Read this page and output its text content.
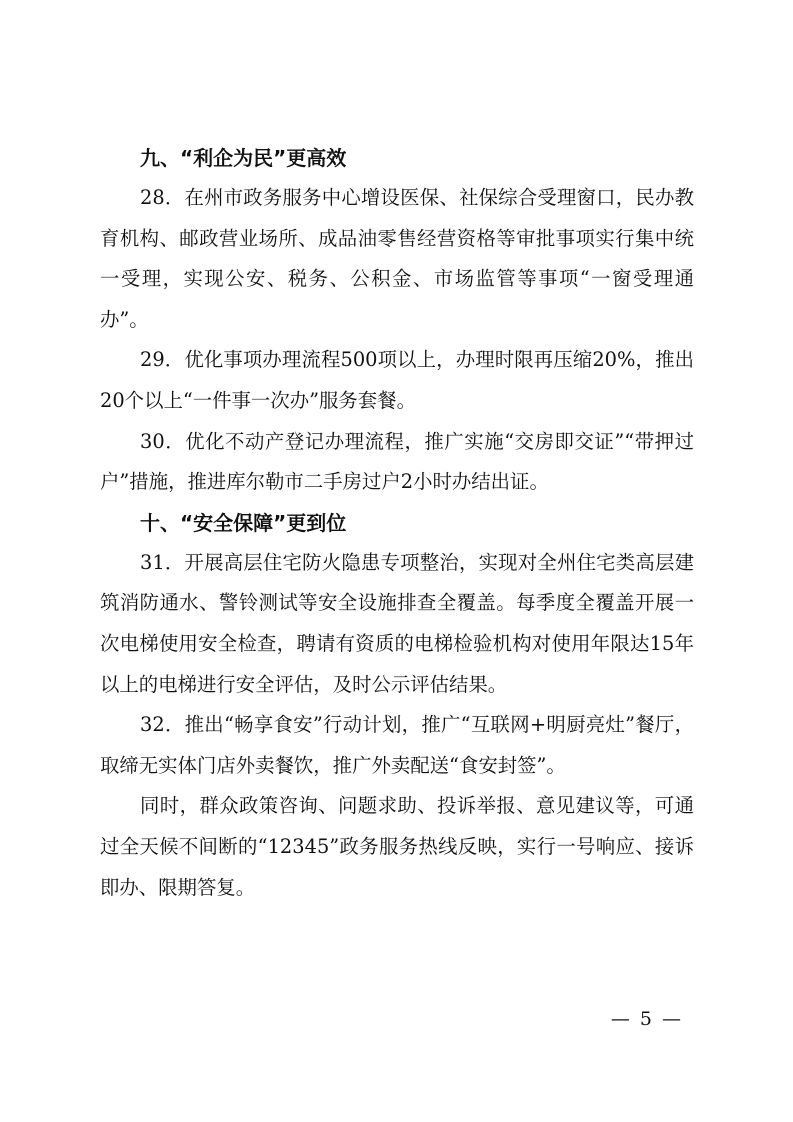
九、“利企为民”更高效

28．在州市政务服务中心增设医保、社保综合受理窗口，民办教育机构、邮政营业场所、成品油零售经营资格等审批事项实行集中统一受理，实现公安、税务、公积金、市场监管等事项“一窗受理通办”。

29．优化事项办理流程500项以上，办理时限再压缩20%，推出20个以上“一件事一次办”服务套餐。

30．优化不动产登记办理流程，推广实施“交房即交证”“带押过户”措施，推进库尔勒市二手房过户2小时办结出证。

十、“安全保障”更到位

31．开展高层住宅防火隐患专项整治，实现对全州住宅类高层建筑消防通水、警铃测试等安全设施排查全覆盖。每季度全覆盖开展一次电梯使用安全检查，聘请有资质的电梯检验机构对使用年限达15年以上的电梯进行安全评估，及时公示评估结果。

32．推出“畅享食安”行动计划，推广“互联网+明厨亮灶”餐厅，取缔无实体门店外卖餐饮，推广外卖配送“食安封签”。

同时，群众政策咨询、问题求助、投诉举报、意见建议等，可通过全天候不间断的“12345”政务服务热线反映，实行一号响应、接诉即办、限期答复。

— 5 —
